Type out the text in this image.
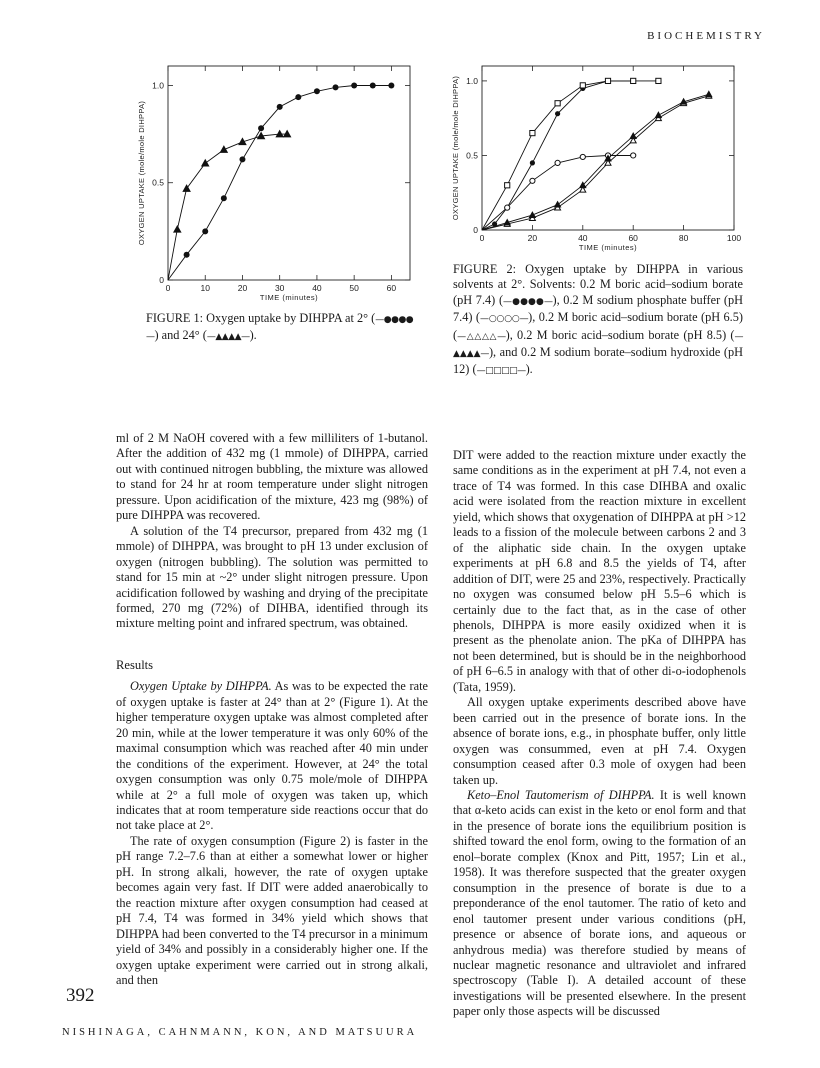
BIOCHEMISTRY
0	10	20	30	40	50	60
0
0.5
1.0
TIME (minutes)
OXYGEN UPTAKE (mole/mole DIHPPA)
FIGURE 1: Oxygen uptake by DIHPPA at 2° (—●●●●—) and 24° (—▲▲▲▲—).
0	20	40	60	80	100
0
0.5
1.0
TIME (minutes)
OXYGEN UPTAKE (mole/mole DIHPPA)
FIGURE 2: Oxygen uptake by DIHPPA in various solvents at 2°. Solvents: 0.2 M boric acid–sodium borate (pH 7.4) (—●●●●—), 0.2 M sodium phosphate buffer (pH 7.4) (—○○○○—), 0.2 M boric acid–sodium borate (pH 6.5) (—△△△△—), 0.2 M boric acid–sodium borate (pH 8.5) (—▲▲▲▲—), and 0.2 M sodium borate–sodium hydroxide (pH 12) (—□□□□—).

ml of 2 M NaOH covered with a few milliliters of 1-butanol. After the addition of 432 mg (1 mmole) of DIHPPA, carried out with continued nitrogen bubbling, the mixture was allowed to stand for 24 hr at room temperature under slight nitrogen pressure. Upon acidification of the mixture, 423 mg (98%) of pure DIHPPA was recovered.

A solution of the T4 precursor, prepared from 432 mg (1 mmole) of DIHPPA, was brought to pH 13 under exclusion of oxygen (nitrogen bubbling). The solution was permitted to stand for 15 min at ~2° under slight nitrogen pressure. Upon acidification followed by washing and drying of the precipitate formed, 270 mg (72%) of DIHBA, identified through its mixture melting point and infrared spectrum, was obtained.

Results

Oxygen Uptake by DIHPPA. As was to be expected the rate of oxygen uptake is faster at 24° than at 2° (Figure 1). At the higher temperature oxygen uptake was almost completed after 20 min, while at the lower temperature it was only 60% of the maximal consumption which was reached after 40 min under the conditions of the experiment. However, at 24° the total oxygen consumption was only 0.75 mole/mole of DIHPPA while at 2° a full mole of oxygen was taken up, which indicates that at room temperature side reactions occur that do not take place at 2°.

The rate of oxygen consumption (Figure 2) is faster in the pH range 7.2–7.6 than at either a somewhat lower or higher pH. In strong alkali, however, the rate of oxygen uptake becomes again very fast. If DIT were added anaerobically to the reaction mixture after oxygen consumption had ceased at pH 7.4, T4 was formed in 34% yield which shows that DIHPPA had been converted to the T4 precursor in a minimum yield of 34% and possibly in a considerably higher one. If the oxygen uptake experiment were carried out in strong alkali, and then

392

DIT were added to the reaction mixture under exactly the same conditions as in the experiment at pH 7.4, not even a trace of T4 was formed. In this case DIHBA and oxalic acid were isolated from the reaction mixture in excellent yield, which shows that oxygenation of DIHPPA at pH >12 leads to a fission of the molecule between carbons 2 and 3 of the aliphatic side chain. In the oxygen uptake experiments at pH 6.8 and 8.5 the yields of T4, after addition of DIT, were 25 and 23%, respectively. Practically no oxygen was consumed below pH 5.5–6 which is certainly due to the fact that, as in the case of other phenols, DIHPPA is more easily oxidized when it is present as the phenolate anion. The pKa of DIHPPA has not been determined, but is should be in the neighborhood of pH 6–6.5 in analogy with that of other di-o-iodophenols (Tata, 1959).

All oxygen uptake experiments described above have been carried out in the presence of borate ions. In the absence of borate ions, e.g., in phosphate buffer, only little oxygen was consummed, even at pH 7.4. Oxygen consumption ceased after 0.3 mole of oxygen had been taken up.

Keto–Enol Tautomerism of DIHPPA. It is well known that α-keto acids can exist in the keto or enol form and that in the presence of borate ions the equilibrium position is shifted toward the enol form, owing to the formation of an enol–borate complex (Knox and Pitt, 1957; Lin et al., 1958). It was therefore suspected that the greater oxygen consumption in the presence of borate is due to a preponderance of the enol tautomer. The ratio of keto and enol tautomer present under various conditions (pH, presence or absence of borate ions, and aqueous or anhydrous media) was therefore studied by means of nuclear magnetic resonance and ultraviolet and infrared spectroscopy (Table I). A detailed account of these investigations will be presented elsewhere. In the present paper only those aspects will be discussed

NISHINAGA, CAHNMANN, KON, AND MATSUURA
